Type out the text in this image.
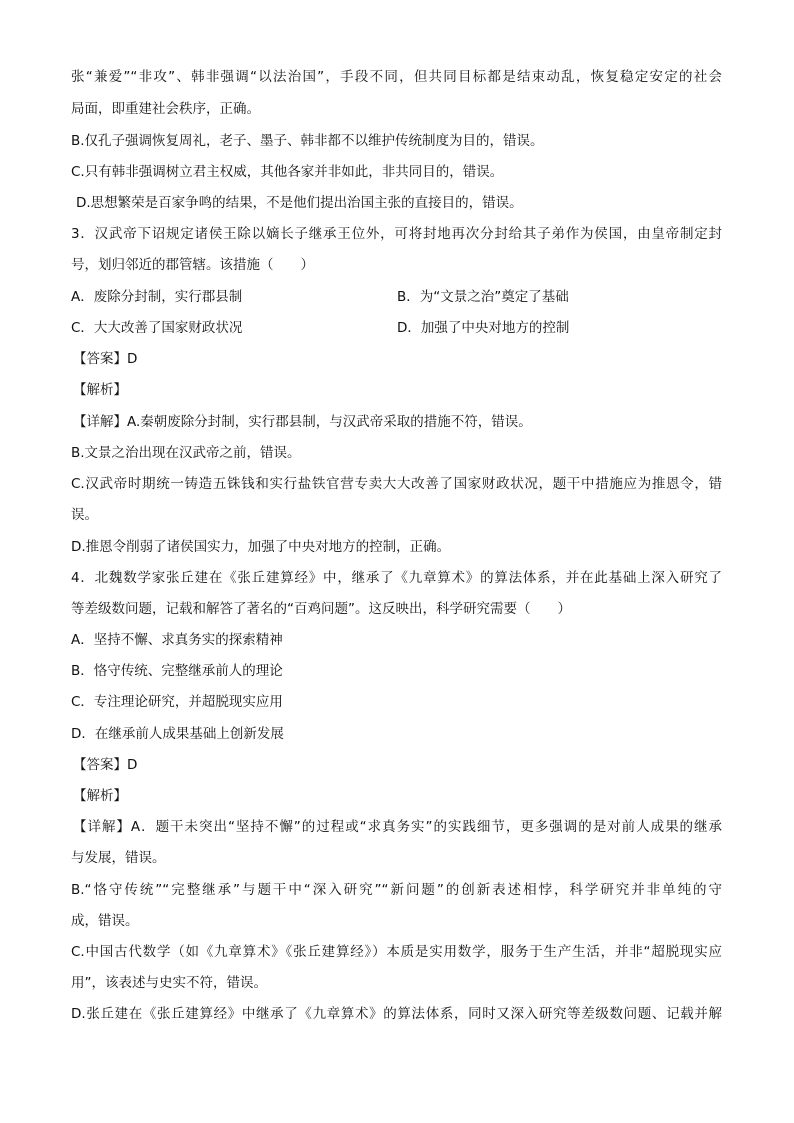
张“兼爱”“非攻”、韩非强调“以法治国”，手段不同，但共同目标都是结束动乱，恢复稳定安定的社会
局面，即重建社会秩序，正确。
B.仅孔子强调恢复周礼，老子、墨子、韩非都不以维护传统制度为目的，错误。
C.只有韩非强调树立君主权威，其他各家并非如此，非共同目的，错误。
D.思想繁荣是百家争鸣的结果，不是他们提出治国主张的直接目的，错误。
3．汉武帝下诏规定诸侯王除以嫡长子继承王位外，可将封地再次分封给其子弟作为侯国，由皇帝制定封
号，划归邻近的郡管辖。该措施（　　）
A．废除分封制，实行郡县制	B．为“文景之治”奠定了基础
C．大大改善了国家财政状况	D．加强了中央对地方的控制
【答案】D
【解析】
【详解】A.秦朝废除分封制，实行郡县制，与汉武帝采取的措施不符，错误。
B.文景之治出现在汉武帝之前，错误。
C.汉武帝时期统一铸造五铢钱和实行盐铁官营专卖大大改善了国家财政状况，题干中措施应为推恩令，错
误。
D.推恩令削弱了诸侯国实力，加强了中央对地方的控制，正确。
4．北魏数学家张丘建在《张丘建算经》中，继承了《九章算术》的算法体系，并在此基础上深入研究了
等差级数问题，记载和解答了著名的“百鸡问题”。这反映出，科学研究需要（　　）
A．坚持不懈、求真务实的探索精神
B．恪守传统、完整继承前人的理论
C．专注理论研究，并超脱现实应用
D．在继承前人成果基础上创新发展
【答案】D
【解析】
【详解】A．题干未突出“坚持不懈”的过程或“求真务实”的实践细节，更多强调的是对前人成果的继承
与发展，错误。
B.“恪守传统”“完整继承”与题干中“深入研究”“新问题”的创新表述相悖，科学研究并非单纯的守
成，错误。
C.中国古代数学（如《九章算术》《张丘建算经》）本质是实用数学，服务于生产生活，并非“超脱现实应
用”，该表述与史实不符，错误。
D.张丘建在《张丘建算经》中继承了《九章算术》的算法体系，同时又深入研究等差级数问题、记载并解
